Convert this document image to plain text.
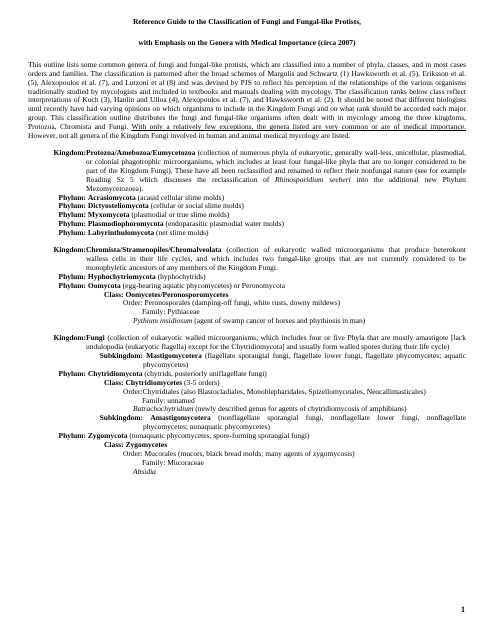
Reference Guide to the Classification of Fungi and Fungal-like Protists,

with Emphasis on the Genera with Medical Importance (circa 2007)

This outline lists some common genera of fungi and fungal-like protists, which are classified into a number of phyla, classes, and in most cases orders and families. The classification is patterned after the broad schemes of Margulis and Schwartz (1) Hawksworth et al. (5), Eriksson et al. (5), Alexopoulos et al. (7), and Lutzoni et al (8) and was devised by PJS to reflect his perception of the relationships of the various organisms traditionally studied by mycologists and included in textbooks and manuals dealing with mycology. The classification ranks below class reflect interpretations of Koch (3), Hanlin and Ulloa (4), Alexopoulos et al. (7), and Hawksworth et al. (2). It should be noted that different biologists until recently have had varying opinions on which organisms to include in the Kingdom Fungi and on what rank should be accorded each major group. This classification outline distributes the fungi and fungal-like organisms often dealt with in mycology among the three kingdoms, Protozoa, Chromista and Fungi. With only a relatively few exceptions, the genera listed are very common or are of medical importance. However, not all genera of the Kingdom Fungi involved in human and animal medical mycology are listed.

Kingdom:Protozoa/Amebozoa/Eumycetozoa (collection of numerous phyla of eukaryotic, generally wall-less, unicellular, plasmodial, or colonial phagotrophic microorganisms, which includes at least four fungal-like phyla that are no longer considered to be part of the Kingdom Fungi). These have all been reclassified and renamed to reflect their nonfungal nature (see for example Reading Sz 5 which discusses the reclassification of Rhinosporidium seeberi into the additional new Phylum Mezomycetozoea).
Phylum: Acrasiomycota (acasid cellular slime molds)
Phylum: Dictyosteliomycota (cellular or social slime molds)
Phylum: Myxomycota (plasmodial or true slime molds)
Phylum: Plasmodiophoromycota (endoparasitic plasmodial water molds)
Phylum: Labyrinthulomycota (net slime molds)
Kingdom:Chromista/Stramenopiles/Chromalveolata (collection of eukaryotic walled microorganisms that produce heterokont walless cells in their life cycles, and which includes two fungal-like groups that are not currently considered to be monophyletic ancestors of any members of the Kingdom Fungi.
Phylum: Hyphochytriomycota (hyphochytrids)
Phylum: Oomycota (egg-bearing aquatic phycomycetes) or Peronomycota
Class: Oomycetes/Peronosporomycetes
Order: Peronosporales (damping-off fungi, white rusts, downy mildews)
Family: Pythiaceae
Pythium insidiosum (agent of swamp cancer of horses and phythiosis in man)
Kingdom:Fungi (collection of eukaryotic walled microorganisms, which includes four or five Phyla that are mostly amastigote [lack undulopodia (eukaryotic flagella) except for the Chytridiomycota] and usually form walled spores during their life cycle)
Subkingdom: Mastigomycotera (flagellate sporangial fungi, flagellate lower fungi, flagellate phycomycetes; aquatic phycomycetes)
Phylum: Chytridiomycota (chytrids, posteriorly uniflagellate fungi)
Class: Chytridiomycetes (3-5 orders)
Order:Chytridiales (also Blastocladiales, Monoblepharidales, Spizellomycetales, Neocallimasticales)
Family: unnamed
Batrachochytridium (newly described genus for agents of chytridiomycosis of amphibians)
Subkingdom: Amastigomycotera (nonflagellate sporangial fungi, nonflagellate lower fungi, nonflagellate phycomycetes; nonaquatic phycomycetes)
Phylum: Zygomycota (nonaquatic phycomycetes, spore-forming sporangial fungi)
Class: Zygomycetes
Order: Mucorales (mucors, black bread molds; many agents of zygomycosis)
Family: Mucoraceae
Absidia
1
